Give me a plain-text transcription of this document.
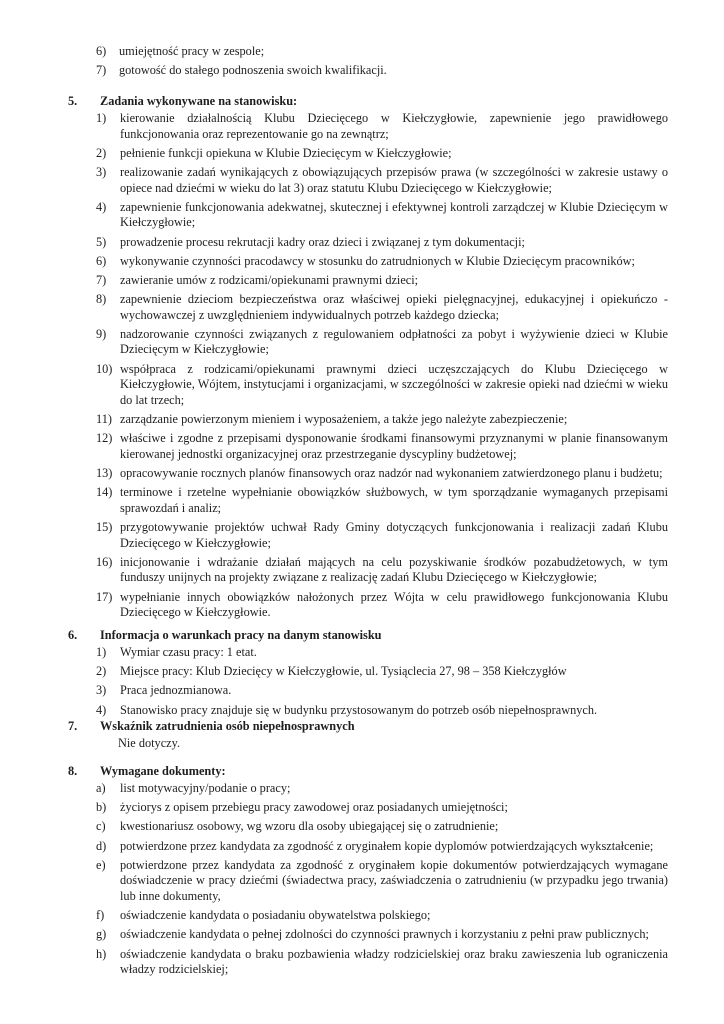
6)	umiejętność pracy w zespole;
7)	gotowość do stałego podnoszenia swoich kwalifikacji.
5. Zadania wykonywane na stanowisku:
1) kierowanie działalnością Klubu Dziecięcego w Kiełczygłowie, zapewnienie jego prawidłowego funkcjonowania oraz reprezentowanie go na zewnątrz;
2) pełnienie funkcji opiekuna w Klubie Dziecięcym w Kiełczygłowie;
3) realizowanie zadań wynikających z obowiązujących przepisów prawa (w szczególności w zakresie ustawy o opiece nad dziećmi w wieku do lat 3) oraz statutu Klubu Dziecięcego w Kiełczygłowie;
4) zapewnienie funkcjonowania adekwatnej, skutecznej i efektywnej kontroli zarządczej w Klubie Dziecięcym w Kiełczygłowie;
5) prowadzenie procesu rekrutacji kadry oraz dzieci i związanej z tym dokumentacji;
6) wykonywanie czynności pracodawcy w stosunku do zatrudnionych w Klubie Dziecięcym pracowników;
7) zawieranie umów z rodzicami/opiekunami prawnymi dzieci;
8) zapewnienie dzieciom bezpieczeństwa oraz właściwej opieki pielęgnacyjnej, edukacyjnej i opiekuńczo - wychowawczej z uwzględnieniem indywidualnych potrzeb każdego dziecka;
9) nadzorowanie czynności związanych z regulowaniem odpłatności za pobyt i wyżywienie dzieci w Klubie Dziecięcym w Kiełczygłowie;
10) współpraca z rodzicami/opiekunami prawnymi dzieci uczęszczających do Klubu Dziecięcego w Kiełczygłowie, Wójtem, instytucjami i organizacjami, w szczególności w zakresie opieki nad dziećmi w wieku do lat trzech;
11) zarządzanie powierzonym mieniem i wyposażeniem, a także jego należyte zabezpieczenie;
12) właściwe i zgodne z przepisami dysponowanie środkami finansowymi przyznanymi w planie finansowanym kierowanej jednostki organizacyjnej oraz przestrzeganie dyscypliny budżetowej;
13) opracowywanie rocznych planów finansowych oraz nadzór nad wykonaniem zatwierdzonego planu i budżetu;
14) terminowe i rzetelne wypełnianie obowiązków służbowych, w tym sporządzanie wymaganych przepisami sprawozdań i analiz;
15) przygotowywanie projektów uchwał Rady Gminy dotyczących funkcjonowania i realizacji zadań Klubu Dziecięcego w Kiełczygłowie;
16) inicjonowanie i wdrażanie działań mających na celu pozyskiwanie środków pozabudżetowych, w tym funduszy unijnych na projekty związane z realizację zadań Klubu Dziecięcego w Kiełczygłowie;
17) wypełnianie innych obowiązków nałożonych przez Wójta w celu prawidłowego funkcjonowania Klubu Dziecięcego w Kiełczygłowie.
6. Informacja o warunkach pracy na danym stanowisku
1) Wymiar czasu pracy: 1 etat.
2) Miejsce pracy: Klub Dziecięcy w Kiełczygłowie, ul. Tysiąclecia 27, 98 – 358 Kiełczygłów
3) Praca jednozmianowa.
4) Stanowisko pracy znajduje się w budynku przystosowanym do potrzeb osób niepełnosprawnych.
7. Wskaźnik zatrudnienia osób niepełnosprawnych
Nie dotyczy.
8. Wymagane dokumenty:
a) list motywacyjny/podanie o pracy;
b) życiorys z opisem przebiegu pracy zawodowej oraz posiadanych umiejętności;
c) kwestionariusz osobowy, wg wzoru dla osoby ubiegającej się o zatrudnienie;
d) potwierdzone przez kandydata za zgodność z oryginałem kopie dyplomów potwierdzających wykształcenie;
e) potwierdzone przez kandydata za zgodność z oryginałem kopie dokumentów potwierdzających wymagane doświadczenie w pracy dziećmi (świadectwa pracy, zaświadczenia o zatrudnieniu (w przypadku jego trwania) lub inne dokumenty,
f) oświadczenie kandydata o posiadaniu obywatelstwa polskiego;
g) oświadczenie kandydata o pełnej zdolności do czynności prawnych i korzystaniu z pełni praw publicznych;
h) oświadczenie kandydata o braku pozbawienia władzy rodzicielskiej oraz braku zawieszenia lub ograniczenia władzy rodzicielskiej;
